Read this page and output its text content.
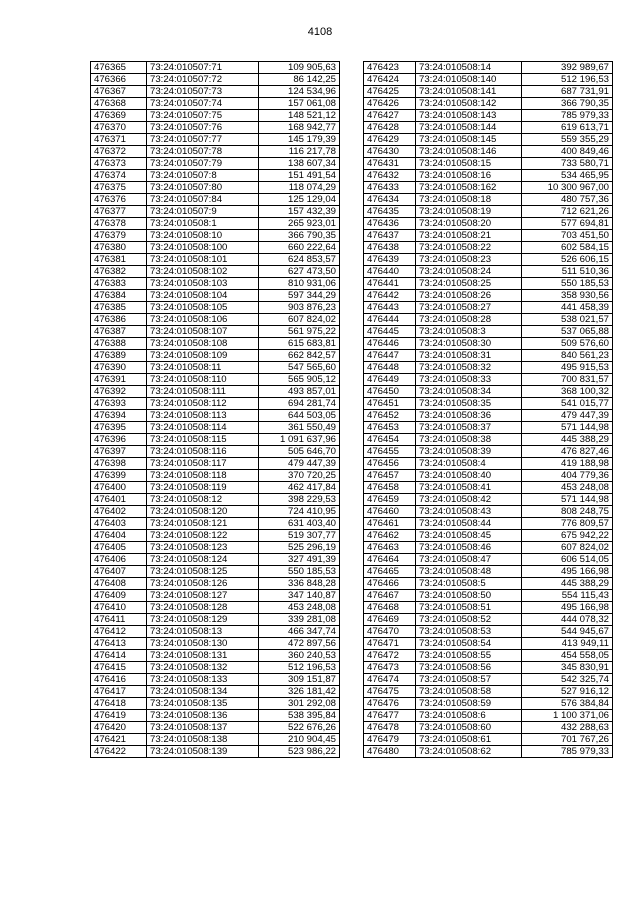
4108
476365	73:24:010507:71	109 905,63
476366	73:24:010507:72	86 142,25
476367	73:24:010507:73	124 534,96
476368	73:24:010507:74	157 061,08
476369	73:24:010507:75	148 521,12
476370	73:24:010507:76	168 942,77
476371	73:24:010507:77	145 179,39
476372	73:24:010507:78	116 217,78
476373	73:24:010507:79	138 607,34
476374	73:24:010507:8	151 491,54
476375	73:24:010507:80	118 074,29
476376	73:24:010507:84	125 129,04
476377	73:24:010507:9	157 432,39
476378	73:24:010508:1	265 923,01
476379	73:24:010508:10	366 790,35
476380	73:24:010508:100	660 222,64
476381	73:24:010508:101	624 853,57
476382	73:24:010508:102	627 473,50
476383	73:24:010508:103	810 931,06
476384	73:24:010508:104	597 344,29
476385	73:24:010508:105	903 876,23
476386	73:24:010508:106	607 824,02
476387	73:24:010508:107	561 975,22
476388	73:24:010508:108	615 683,81
476389	73:24:010508:109	662 842,57
476390	73:24:010508:11	547 565,60
476391	73:24:010508:110	565 905,12
476392	73:24:010508:111	493 857,01
476393	73:24:010508:112	694 281,74
476394	73:24:010508:113	644 503,05
476395	73:24:010508:114	361 550,49
476396	73:24:010508:115	1 091 637,96
476397	73:24:010508:116	505 646,70
476398	73:24:010508:117	479 447,39
476399	73:24:010508:118	370 720,25
476400	73:24:010508:119	462 417,84
476401	73:24:010508:12	398 229,53
476402	73:24:010508:120	724 410,95
476403	73:24:010508:121	631 403,40
476404	73:24:010508:122	519 307,77
476405	73:24:010508:123	525 296,19
476406	73:24:010508:124	327 491,39
476407	73:24:010508:125	550 185,53
476408	73:24:010508:126	336 848,28
476409	73:24:010508:127	347 140,87
476410	73:24:010508:128	453 248,08
476411	73:24:010508:129	339 281,08
476412	73:24:010508:13	466 347,74
476413	73:24:010508:130	472 897,56
476414	73:24:010508:131	360 240,53
476415	73:24:010508:132	512 196,53
476416	73:24:010508:133	309 151,87
476417	73:24:010508:134	326 181,42
476418	73:24:010508:135	301 292,08
476419	73:24:010508:136	538 395,84
476420	73:24:010508:137	522 676,26
476421	73:24:010508:138	210 904,45
476422	73:24:010508:139	523 986,22
476423	73:24:010508:14	392 989,67
476424	73:24:010508:140	512 196,53
476425	73:24:010508:141	687 731,91
476426	73:24:010508:142	366 790,35
476427	73:24:010508:143	785 979,33
476428	73:24:010508:144	619 613,71
476429	73:24:010508:145	559 355,29
476430	73:24:010508:146	400 849,46
476431	73:24:010508:15	733 580,71
476432	73:24:010508:16	534 465,95
476433	73:24:010508:162	10 300 967,00
476434	73:24:010508:18	480 757,36
476435	73:24:010508:19	712 621,26
476436	73:24:010508:20	577 694,81
476437	73:24:010508:21	703 451,50
476438	73:24:010508:22	602 584,15
476439	73:24:010508:23	526 606,15
476440	73:24:010508:24	511 510,36
476441	73:24:010508:25	550 185,53
476442	73:24:010508:26	358 930,56
476443	73:24:010508:27	441 458,39
476444	73:24:010508:28	538 021,57
476445	73:24:010508:3	537 065,88
476446	73:24:010508:30	509 576,60
476447	73:24:010508:31	840 561,23
476448	73:24:010508:32	495 915,53
476449	73:24:010508:33	700 831,57
476450	73:24:010508:34	368 100,32
476451	73:24:010508:35	541 015,77
476452	73:24:010508:36	479 447,39
476453	73:24:010508:37	571 144,98
476454	73:24:010508:38	445 388,29
476455	73:24:010508:39	476 827,46
476456	73:24:010508:4	419 188,98
476457	73:24:010508:40	404 779,36
476458	73:24:010508:41	453 248,08
476459	73:24:010508:42	571 144,98
476460	73:24:010508:43	808 248,75
476461	73:24:010508:44	776 809,57
476462	73:24:010508:45	675 942,22
476463	73:24:010508:46	607 824,02
476464	73:24:010508:47	606 514,05
476465	73:24:010508:48	495 166,98
476466	73:24:010508:5	445 388,29
476467	73:24:010508:50	554 115,43
476468	73:24:010508:51	495 166,98
476469	73:24:010508:52	444 078,32
476470	73:24:010508:53	544 945,67
476471	73:24:010508:54	413 949,11
476472	73:24:010508:55	454 558,05
476473	73:24:010508:56	345 830,91
476474	73:24:010508:57	542 325,74
476475	73:24:010508:58	527 916,12
476476	73:24:010508:59	576 384,84
476477	73:24:010508:6	1 100 371,06
476478	73:24:010508:60	432 288,63
476479	73:24:010508:61	701 767,26
476480	73:24:010508:62	785 979,33
